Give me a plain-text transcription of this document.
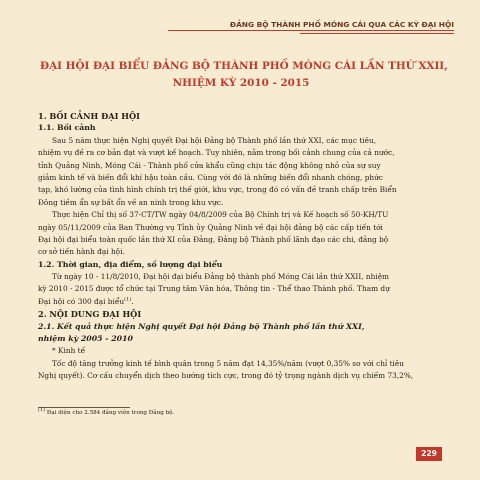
ĐẢNG BỘ THÀNH PHỐ MÓNG CÁI QUA CÁC KỲ ĐẠI HỘI
ĐẠI HỘI ĐẠI BIỂU ĐẢNG BỘ THÀNH PHỐ MÓNG CÁI LẦN THỨ XXII,
NHIỆM KỲ 2010 - 2015
1. BỐI CẢNH ĐẠI HỘI
1.1. Bối cảnh
Sau 5 năm thực hiện Nghị quyết Đại hội Đảng bộ Thành phố lần thứ XXI, các mục tiêu,
nhiệm vụ đề ra cơ bản đạt và vượt kế hoạch. Tuy nhiên, nằm trong bối cảnh chung của cả nước,
tỉnh Quảng Ninh, Móng Cái - Thành phố cửa khẩu cũng chịu tác động không nhỏ của sự suy
giảm kinh tế và biến đổi khí hậu toàn cầu. Cùng với đó là những biến đổi nhanh chóng, phức
tạp, khó lường của tình hình chính trị thế giới, khu vực, trong đó có vấn đề tranh chấp trên Biển
Đông tiềm ẩn sự bất ổn về an ninh trong khu vực.
Thực hiện Chỉ thị số 37-CT/TW ngày 04/8/2009 của Bộ Chính trị và Kế hoạch số 50-KH/TU
ngày 05/11/2009 của Ban Thường vụ Tỉnh ủy Quảng Ninh về đại hội đảng bộ các cấp tiến tới
Đại hội đại biểu toàn quốc lần thứ XI của Đảng, Đảng bộ Thành phố lãnh đạo các chi, đảng bộ
cơ sở tiến hành đại hội.
1.2. Thời gian, địa điểm, số lượng đại biểu
Từ ngày 10 - 11/8/2010, Đại hội đại biểu Đảng bộ thành phố Móng Cái lần thứ XXII, nhiệm
kỳ 2010 - 2015 được tổ chức tại Trung tâm Văn hóa, Thông tin - Thể thao Thành phố. Tham dự
Đại hội có 300 đại biểu$^{(1)}$.
2. NỘI DUNG ĐẠI HỘI
2.1. Kết quả thực hiện Nghị quyết Đại hội Đảng bộ Thành phố lần thứ XXI,
nhiệm kỳ 2005 - 2010
* Kinh tế
Tốc độ tăng trưởng kinh tế bình quân trong 5 năm đạt 14,35%/năm (vượt 0,35% so với chỉ tiêu
Nghị quyết). Cơ cấu chuyển dịch theo hướng tích cực, trong đó tỷ trọng ngành dịch vụ chiếm 73,2%,
(1) Đại diện cho 2.584 đảng viên trong Đảng bộ.
229
